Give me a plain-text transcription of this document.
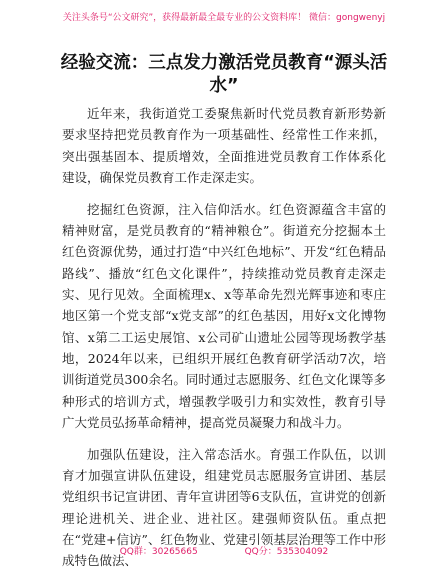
关注头条号“公文研究”，获得最新最全最专业的公文资料库！ 微信：gongwenyj
经验交流：三点发力激活党员教育“源头活水”

近年来，我街道党工委聚焦新时代党员教育新形势新要求坚持把党员教育作为一项基础性、经常性工作来抓，突出强基固本、提质增效，全面推进党员教育工作体系化建设，确保党员教育工作走深走实。

挖掘红色资源，注入信仰活水。红色资源蕴含丰富的精神财富，是党员教育的“精神粮仓”。街道充分挖掘本土红色资源优势，通过打造“中兴红色地标”、开发“红色精品路线”、播放“红色文化课件”，持续推动党员教育走深走实、见行见效。全面梳理x、x等革命先烈光辉事迹和枣庄地区第一个党支部“x党支部”的红色基因，用好x文化博物馆、x第二工运史展馆、x公司矿山遗址公园等现场教学基地，2024年以来，已组织开展红色教育研学活动7次，培训街道党员300余名。同时通过志愿服务、红色文化课等多种形式的培训方式，增强教学吸引力和实效性，教育引导广大党员弘扬革命精神，提高党员凝聚力和战斗力。

加强队伍建设，注入常态活水。育强工作队伍，以训育才加强宣讲队伍建设，组建党员志愿服务宣讲团、基层党组织书记宣讲团、青年宣讲团等6支队伍，宣讲党的创新理论进机关、进企业、进社区。建强师资队伍。重点把在“党建+信访”、红色物业、党建引领基层治理等工作中形成特色做法、

QQ群：30265665	QQ分：535304092
